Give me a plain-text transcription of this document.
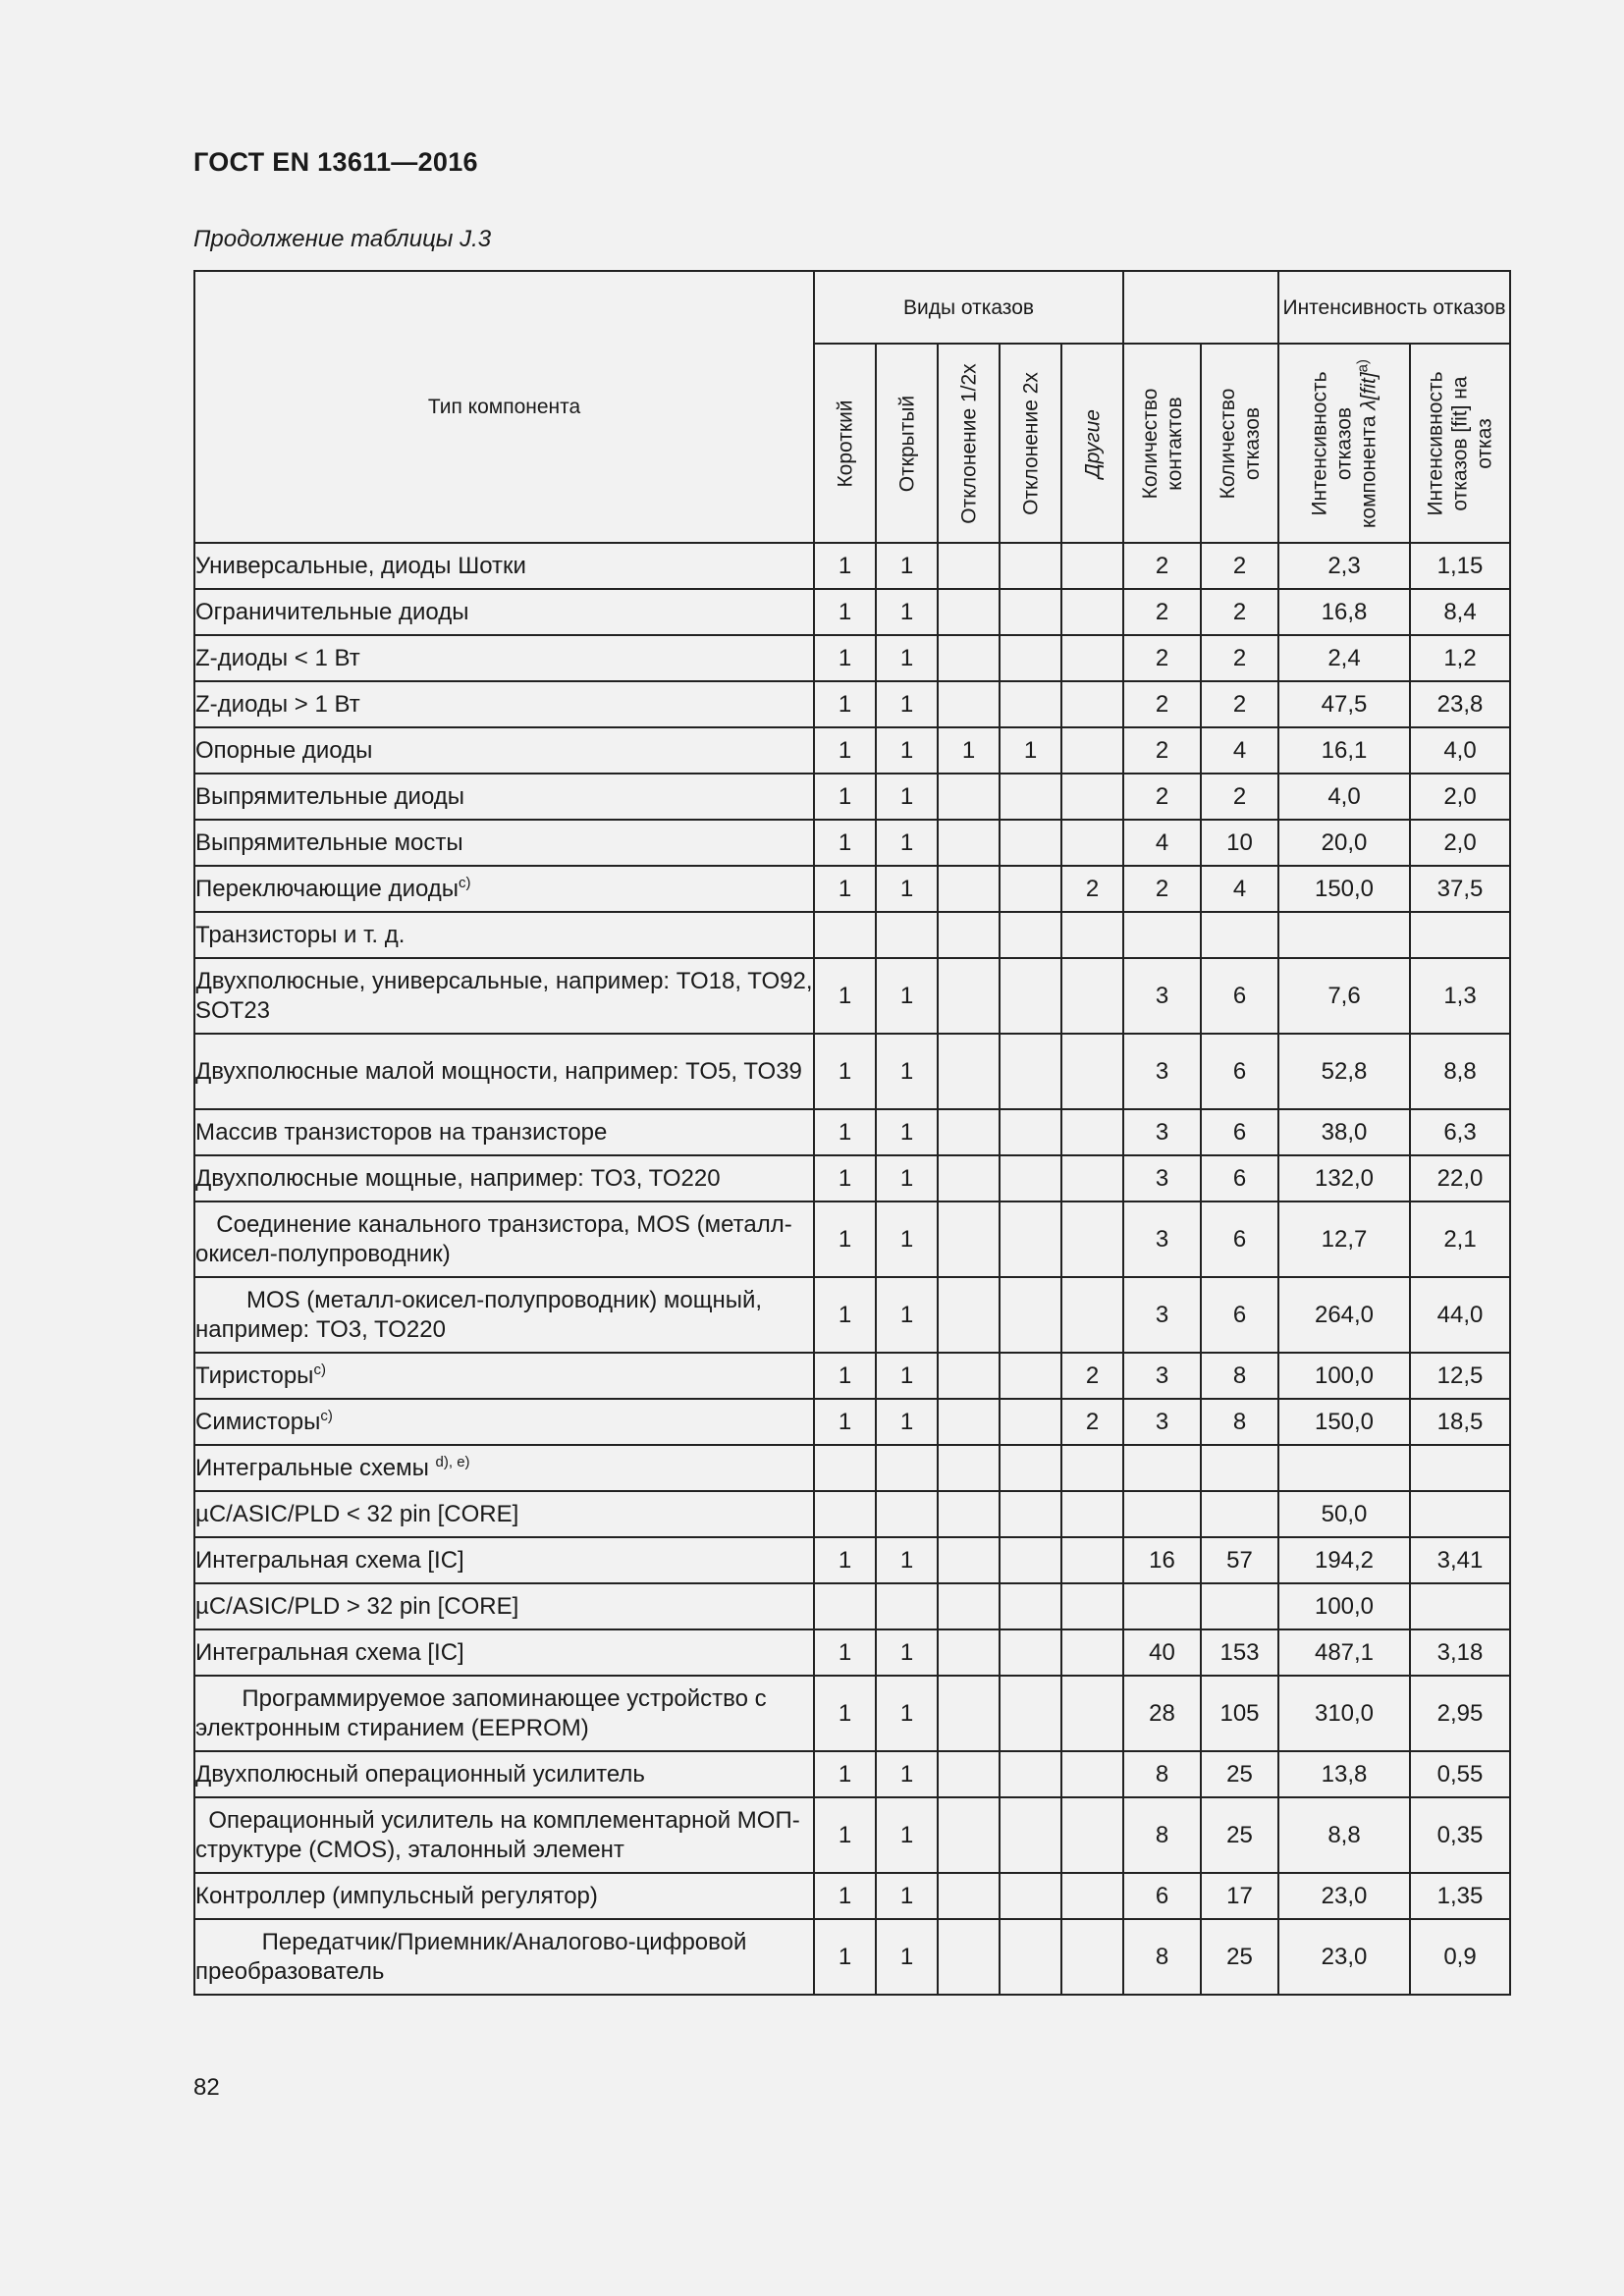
ГОСТ EN 13611—2016
Продолжение таблицы J.3
Тип компонента	Виды отказов							Интенсивность отказов	

	Короткий	Открытый	Отклонение 1/2x	Отклонение 2x	Другие	Количество контактов	Количество отказов	Интенсивность отказов компонента λ[fit]$^{a)}$	Интенсивность отказов [fit] на отказ

Универсальные, диоды Шотки	1	1				2	2	2,3	1,15
Ограничительные диоды	1	1				2	2	16,8	8,4
Z-диоды < 1 Вт	1	1				2	2	2,4	1,2
Z-диоды > 1 Вт	1	1				2	2	47,5	23,8
Опорные диоды	1	1	1	1		2	4	16,1	4,0
Выпрямительные диоды	1	1				2	2	4,0	2,0
Выпрямительные мосты	1	1				4	10	20,0	2,0
Переключающие диоды$^{c)}$	1	1			2	2	4	150,0	37,5
Транзисторы и т. д.									
Двухполюсные, универсальные, например: TO18, TO92, SOT23	1	1				3	6	7,6	1,3
Двухполюсные малой мощности, например: TO5, TO39	1	1				3	6	52,8	8,8
Массив транзисторов на транзисторе	1	1				3	6	38,0	6,3
Двухполюсные мощные, например: TO3, TO220	1	1				3	6	132,0	22,0
Соединение канального транзистора, MOS (металл-окисел-полупроводник)	1	1				3	6	12,7	2,1
MOS (металл-окисел-полупроводник) мощный, например: TO3, TO220	1	1				3	6	264,0	44,0
Тиристоры$^{c)}$	1	1			2	3	8	100,0	12,5
Симисторы$^{c)}$	1	1			2	3	8	150,0	18,5
Интегральные схемы $^{d), e)}$									
µC/ASIC/PLD < 32 pin [CORE]								50,0	
Интегральная схема [IC]	1	1				16	57	194,2	3,41
µC/ASIC/PLD > 32 pin [CORE]								100,0	
Интегральная схема [IC]	1	1				40	153	487,1	3,18
Программируемое запоминающее устройство с электронным стиранием (EEPROM)	1	1				28	105	310,0	2,95
Двухполюсный операционный усилитель	1	1				8	25	13,8	0,55
Операционный усилитель на комплементарной МОП-структуре (CMOS), эталонный элемент	1	1				8	25	8,8	0,35
Контроллер (импульсный регулятор)	1	1				6	17	23,0	1,35
Передатчик/Приемник/Аналогово-цифровой преобразователь	1	1				8	25	23,0	0,9
82
